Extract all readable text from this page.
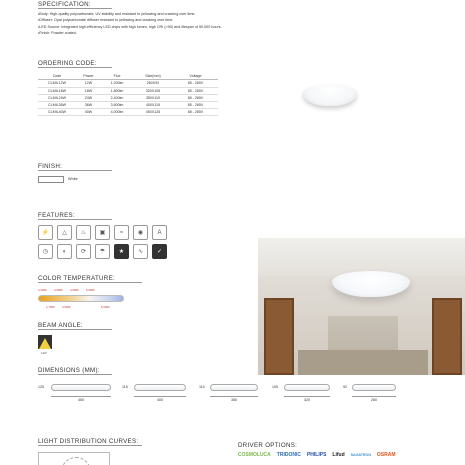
SPECIFICATION:
• Body: High-quality polycarbonate, UV stability and resistant to yellowing and cracking over time.
• Diffuser: Opal polycarbonate diffuser resistant to yellowing and cracking over time.
• LED Source: Integrated high-efficiency LED chips with high lumen, high CRI (>90) and lifespan of 50,000 hours.
• Finish: Powder coated.
ORDERING CODE:
Code	Power	Flux	Size(mm)	Voltage
CLMIL12W	12W	1,200lm	260X92	85 - 265V
CLMIL18W	18W	1,800lm	320X105	85 - 265V
CLMIL24W	24W	2,400lm	350X110	85 - 265V
CLMIL36W	36W	3,600lm	400X115	85 - 265V
CLMIL40W	40W	4,000lm	450X125	85 - 265V
FINISH:
White
FEATURES:
⚡	△	♨	▣	≈	◉	A
◷	◐	⟳	☂	★	∿	✓
COLOR TEMPERATURE:
2,200K	3,000K	4,000K	5,000K
2,700K	3,500K	6,500K
BEAM ANGLE:
120°
DIMENSIONS (MM):
125
450
115
400
110
350
105
320
92
260
LIGHT DISTRIBUTION CURVES:
DRIVER OPTIONS:
COSMOLUCA TRIDONIC PHILIPS Lifud SAGATRON OSRAM
